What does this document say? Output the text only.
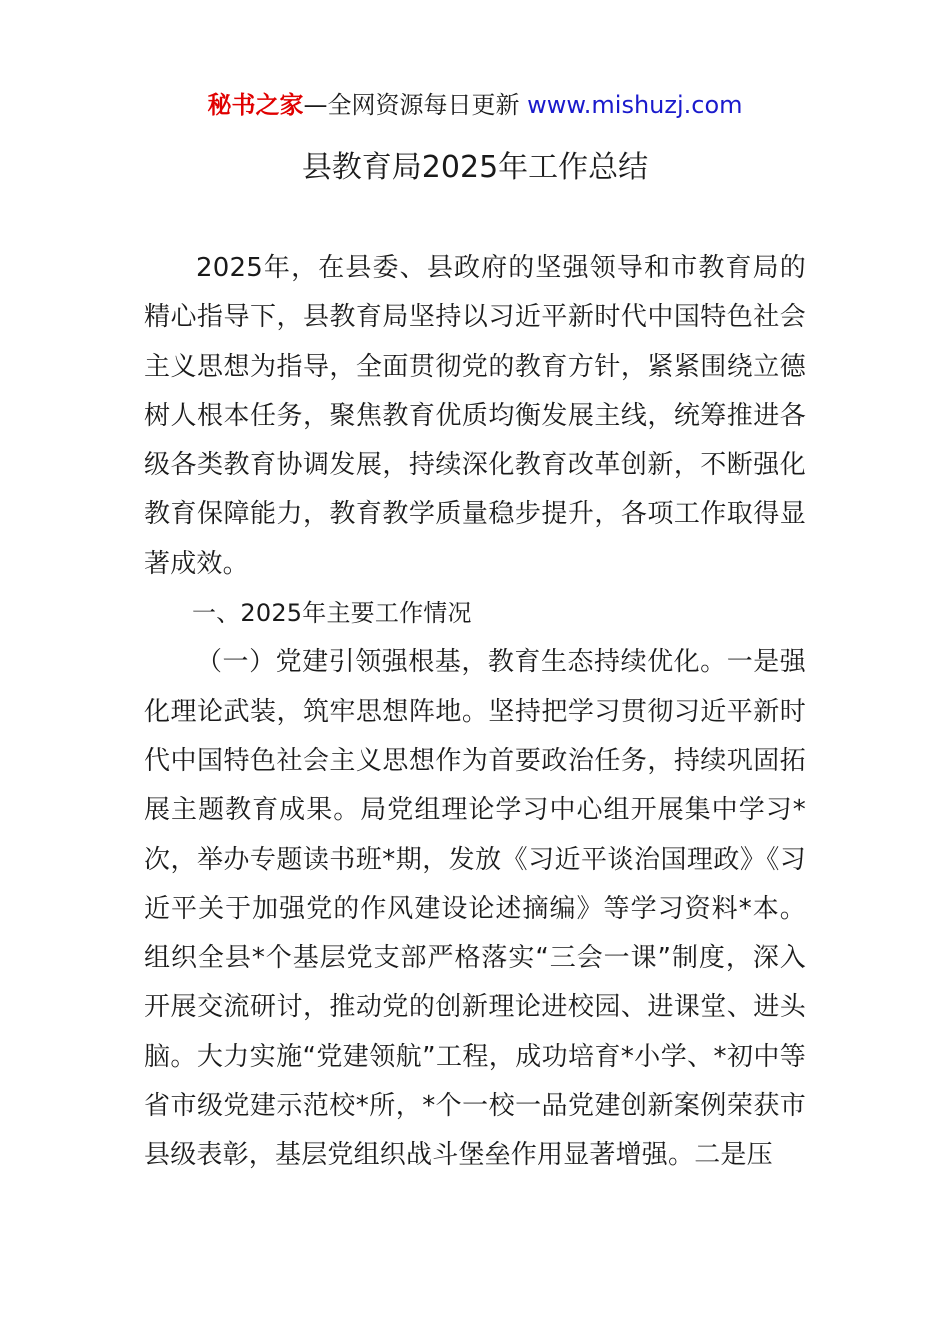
秘书之家—全网资源每日更新 www.mishuzj.com
县教育局2025年工作总结

2025年，在县委、县政府的坚强领导和市教育局的精心指导下，县教育局坚持以习近平新时代中国特色社会主义思想为指导，全面贯彻党的教育方针，紧紧围绕立德树人根本任务，聚焦教育优质均衡发展主线，统筹推进各级各类教育协调发展，持续深化教育改革创新，不断强化教育保障能力，教育教学质量稳步提升，各项工作取得显著成效。

一、2025年主要工作情况

（一）党建引领强根基，教育生态持续优化。一是强化理论武装，筑牢思想阵地。坚持把学习贯彻习近平新时代中国特色社会主义思想作为首要政治任务，持续巩固拓展主题教育成果。局党组理论学习中心组开展集中学习*次，举办专题读书班*期，发放《习近平谈治国理政》《习近平关于加强党的作风建设论述摘编》等学习资料*本。组织全县*个基层党支部严格落实“三会一课”制度，深入开展交流研讨，推动党的创新理论进校园、进课堂、进头脑。大力实施“党建领航”工程，成功培育*小学、*初中等省市级党建示范校*所，*个一校一品党建创新案例荣获市县级表彰，基层党组织战斗堡垒作用显著增强。二是压
